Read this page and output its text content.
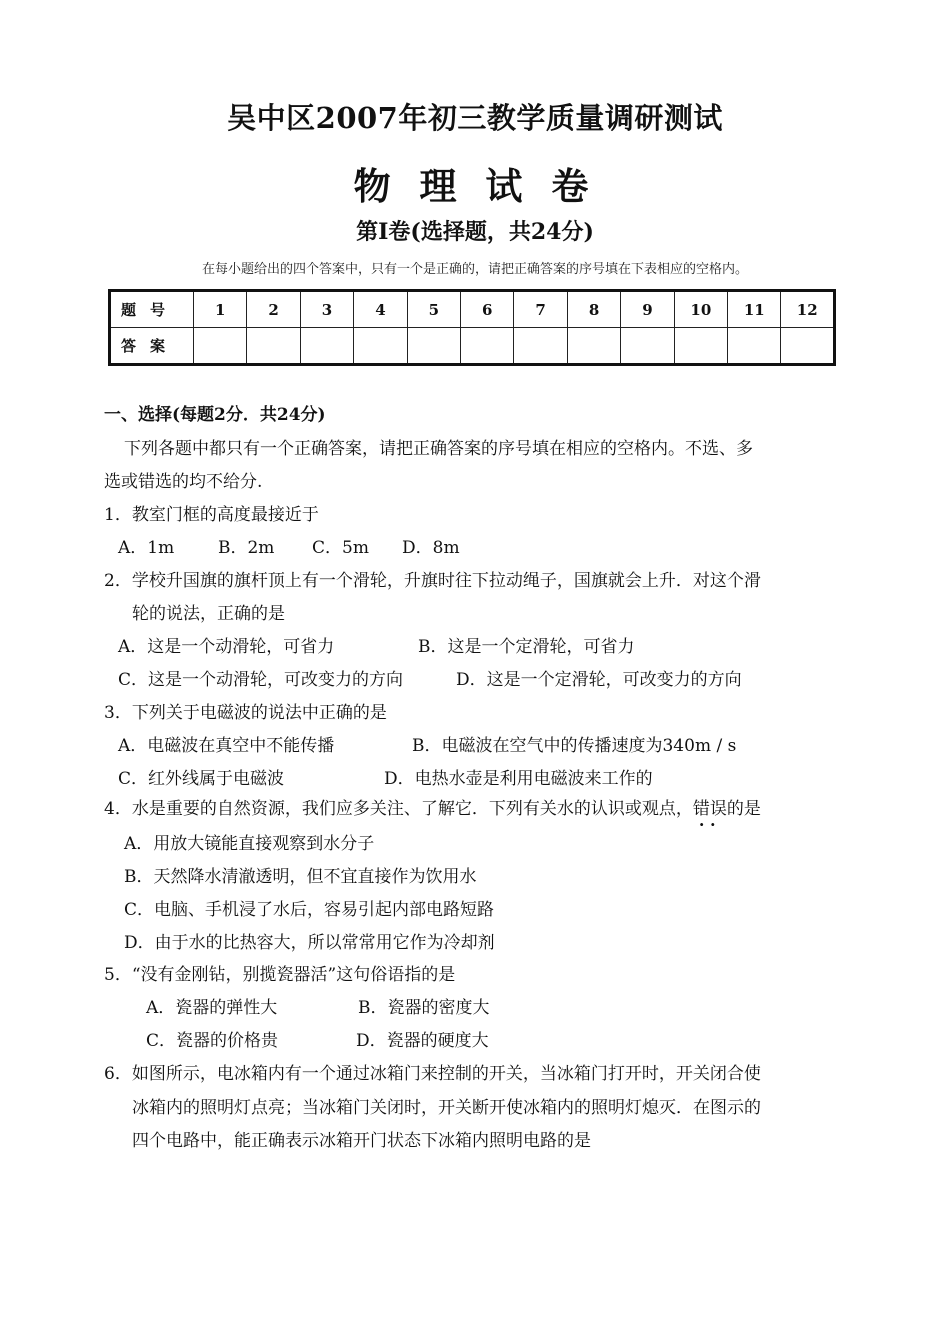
吴中区2007年初三教学质量调研测试
物 理 试 卷
第Ⅰ卷(选择题，共24分)
在每小题给出的四个答案中，只有一个是正确的，请把正确答案的序号填在下表相应的空格内。
题号	1	2	3	4	5	6	7	8	9	10	11	12
答案												
一、选择(每题2分．共24分)
下列各题中都只有一个正确答案，请把正确答案的序号填在相应的空格内。不选、多
选或错选的均不给分.
1．教室门框的高度最接近于
A．1m	B．2m C．5m D．8m
2．学校升国旗的旗杆顶上有一个滑轮，升旗时往下拉动绳子，国旗就会上升．对这个滑
轮的说法，正确的是
A．这是一个动滑轮，可省力	B．这是一个定滑轮，可省力
C．这是一个动滑轮，可改变力的方向	D．这是一个定滑轮，可改变力的方向
3．下列关于电磁波的说法中正确的是
A．电磁波在真空中不能传播	B．电磁波在空气中的传播速度为340m / s
C．红外线属于电磁波	D．电热水壶是利用电磁波来工作的
4．水是重要的自然资源，我们应多关注、了解它．下列有关水的认识或观点，错误 · ·的是
A．用放大镜能直接观察到水分子
B．天然降水清澈透明，但不宜直接作为饮用水
C．电脑、手机浸了水后，容易引起内部电路短路
D．由于水的比热容大，所以常常用它作为冷却剂
5．“没有金刚钻，别揽瓷器活”这句俗语指的是
A．瓷器的弹性大	B．瓷器的密度大
C．瓷器的价格贵	D．瓷器的硬度大
6．如图所示，电冰箱内有一个通过冰箱门来控制的开关，当冰箱门打开时，开关闭合使
冰箱内的照明灯点亮；当冰箱门关闭时，开关断开使冰箱内的照明灯熄灭．在图示的
四个电路中，能正确表示冰箱开门状态下冰箱内照明电路的是
